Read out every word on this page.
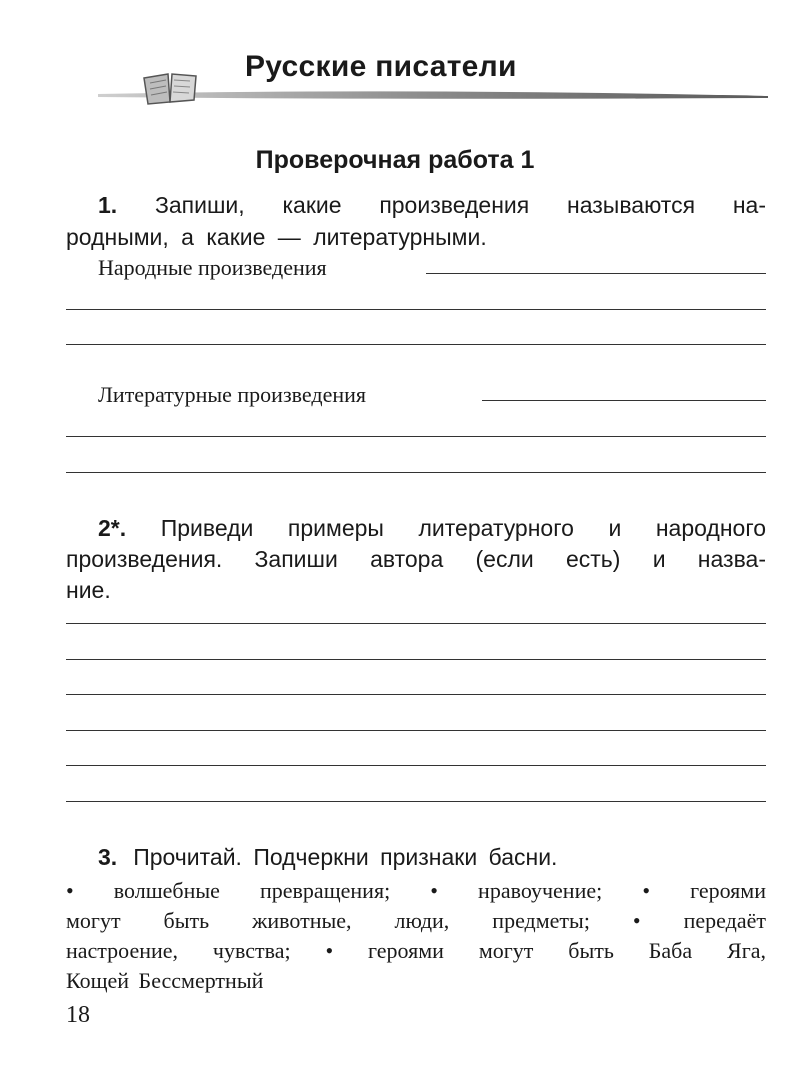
Русские писатели
Проверочная работа 1
1. Запиши, какие произведения называются на-
родными, а какие — литературными.
Народные произведения
Литературные произведения
2*. Приведи примеры литературного и народного
произведения. Запиши автора (если есть) и назва-
ние.
3. Прочитай. Подчеркни признаки басни.
• волшебные превращения; • нравоучение; • героями
могут быть животные, люди, предметы; • передаёт
настроение, чувства; • героями могут быть Баба Яга,
Кощей Бессмертный
18
